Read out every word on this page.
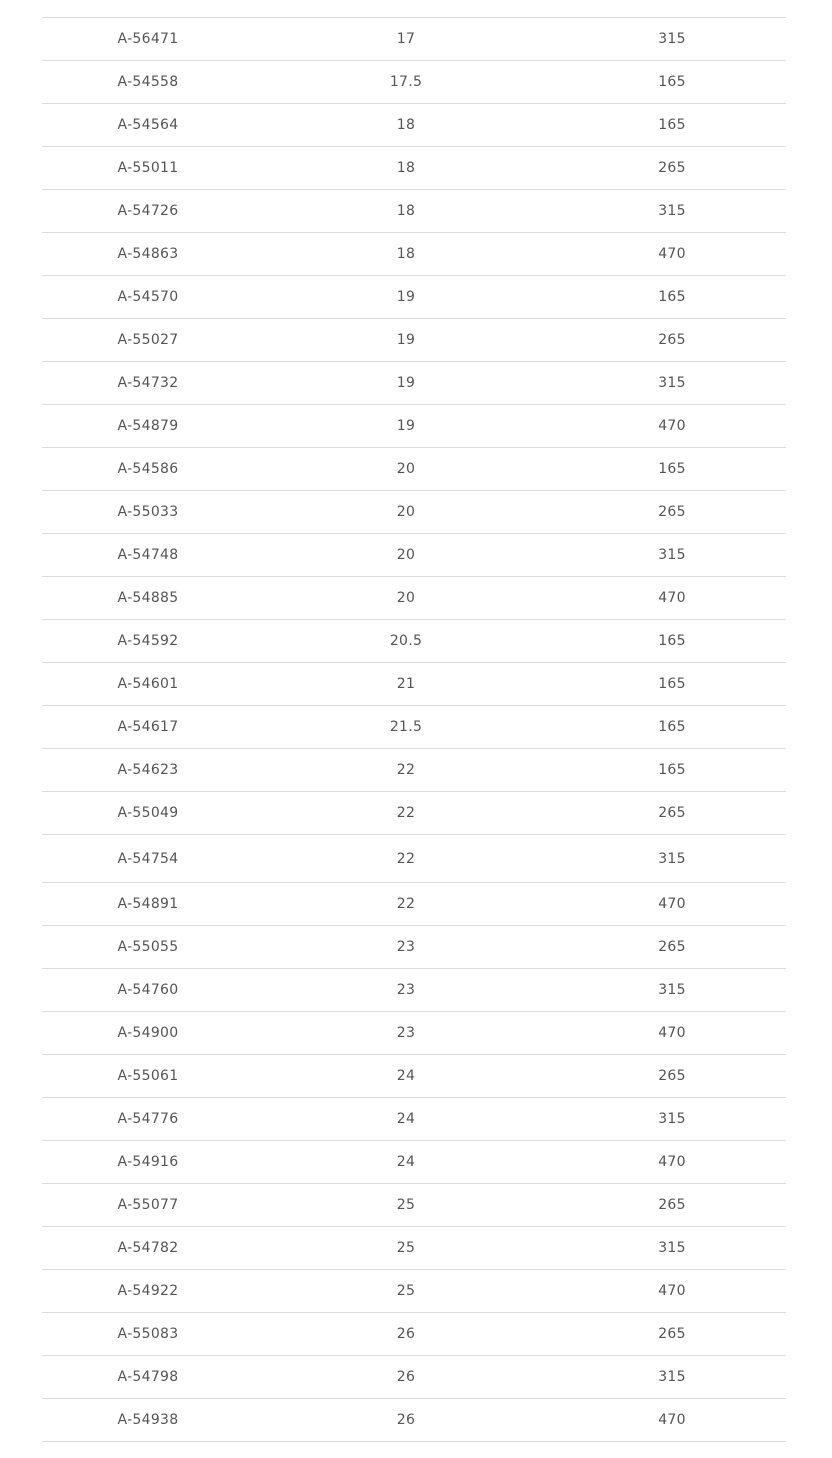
A-56471	17	315
A-54558	17.5	165
A-54564	18	165
A-55011	18	265
A-54726	18	315
A-54863	18	470
A-54570	19	165
A-55027	19	265
A-54732	19	315
A-54879	19	470
A-54586	20	165
A-55033	20	265
A-54748	20	315
A-54885	20	470
A-54592	20.5	165
A-54601	21	165
A-54617	21.5	165
A-54623	22	165
A-55049	22	265
A-54754	22	315
A-54891	22	470
A-55055	23	265
A-54760	23	315
A-54900	23	470
A-55061	24	265
A-54776	24	315
A-54916	24	470
A-55077	25	265
A-54782	25	315
A-54922	25	470
A-55083	26	265
A-54798	26	315
A-54938	26	470
